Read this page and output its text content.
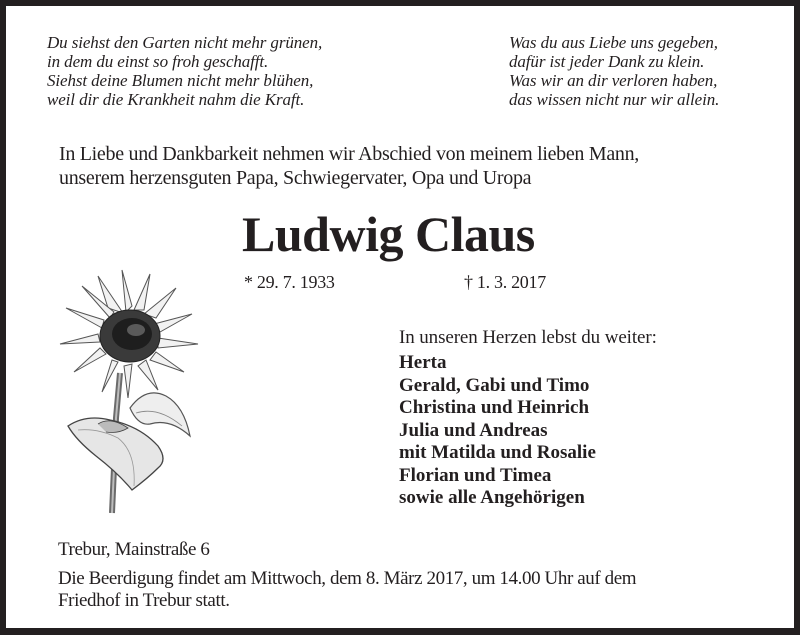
Du siehst den Garten nicht mehr grünen,
in dem du einst so froh geschafft.
Siehst deine Blumen nicht mehr blühen,
weil dir die Krankheit nahm die Kraft.
Was du aus Liebe uns gegeben,
dafür ist jeder Dank zu klein.
Was wir an dir verloren haben,
das wissen nicht nur wir allein.
In Liebe und Dankbarkeit nehmen wir Abschied von meinem lieben Mann,
unserem herzensguten Papa, Schwiegervater, Opa und Uropa
Ludwig Claus
* 29. 7. 1933	† 1. 3. 2017
In unseren Herzen lebst du weiter:
Herta
Gerald, Gabi und Timo
Christina und Heinrich
Julia und Andreas
mit Matilda und Rosalie
Florian und Timea
sowie alle Angehörigen
Trebur, Mainstraße 6
Die Beerdigung findet am Mittwoch, dem 8. März 2017, um 14.00 Uhr auf dem
Friedhof in Trebur statt.
